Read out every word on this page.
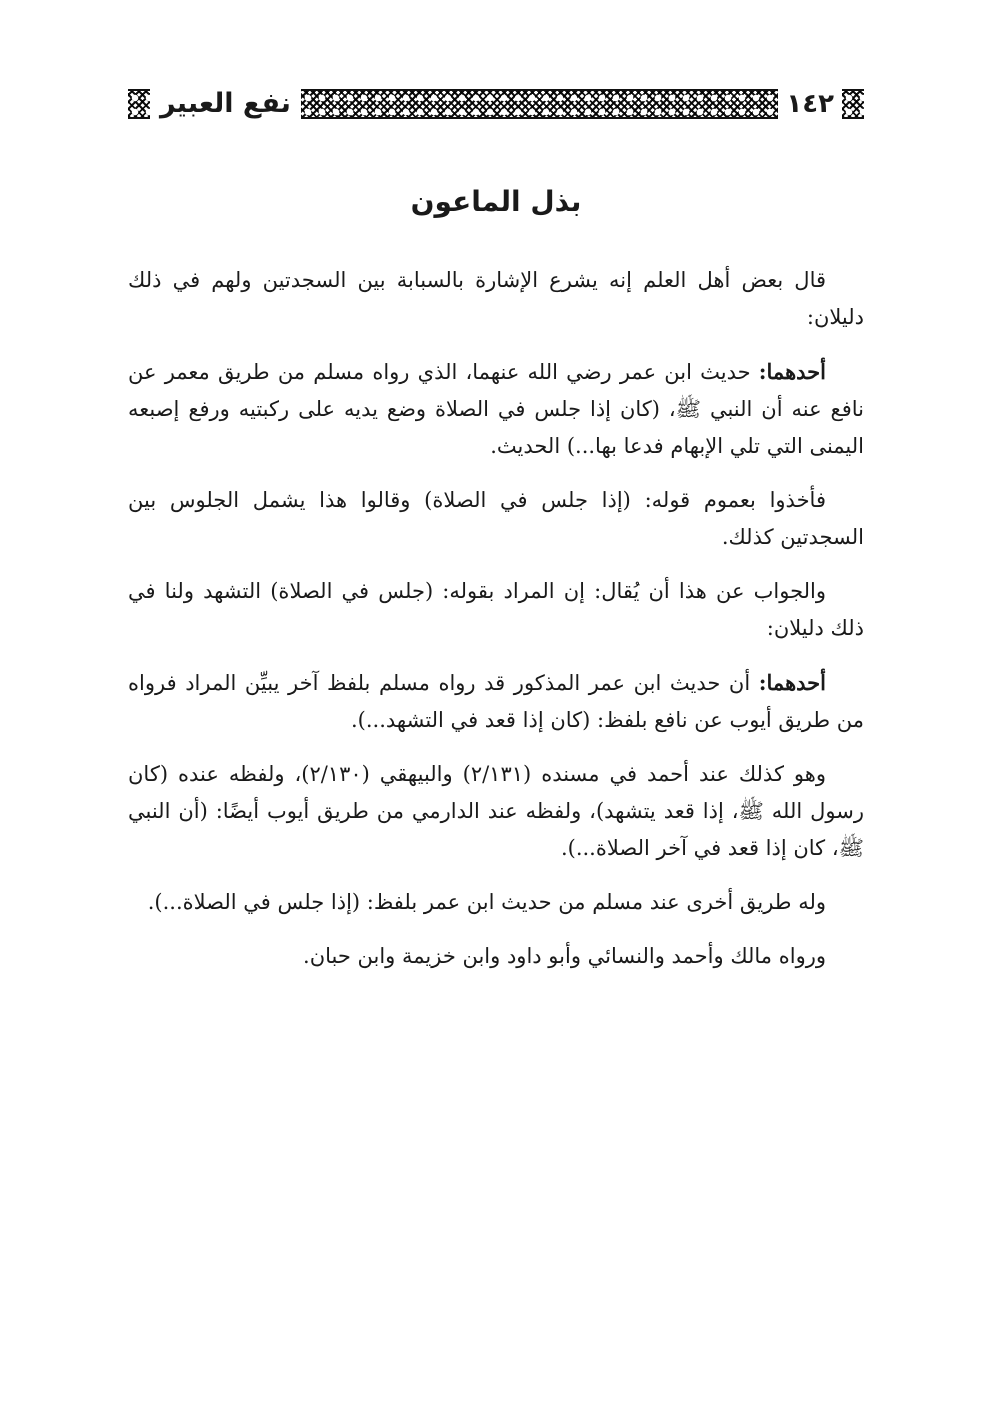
١٤٢
نفع العبير
بذل الماعون

قال بعض أهل العلم إنه يشرع الإشارة بالسبابة بين السجدتين ولهم في ذلك دليلان:

أحدهما: حديث ابن عمر رضي الله عنهما، الذي رواه مسلم من طريق معمر عن نافع عنه أن النبي ﷺ، (كان إذا جلس في الصلاة وضع يديه على ركبتيه ورفع إصبعه اليمنى التي تلي الإبهام فدعا بها...) الحديث.

فأخذوا بعموم قوله: (إذا جلس في الصلاة) وقالوا هذا يشمل الجلوس بين السجدتين كذلك.

والجواب عن هذا أن يُقال: إن المراد بقوله: (جلس في الصلاة) التشهد ولنا في ذلك دليلان:

أحدهما: أن حديث ابن عمر المذكور قد رواه مسلم بلفظ آخر يبيِّن المراد فرواه من طريق أيوب عن نافع بلفظ: (كان إذا قعد في التشهد...).

وهو كذلك عند أحمد في مسنده (٢/١٣١) والبيهقي (٢/١٣٠)، ولفظه عنده (كان رسول الله ﷺ، إذا قعد يتشهد)، ولفظه عند الدارمي من طريق أيوب أيضًا: (أن النبي ﷺ، كان إذا قعد في آخر الصلاة...).

وله طريق أخرى عند مسلم من حديث ابن عمر بلفظ: (إذا جلس في الصلاة...).

ورواه مالك وأحمد والنسائي وأبو داود وابن خزيمة وابن حبان.
